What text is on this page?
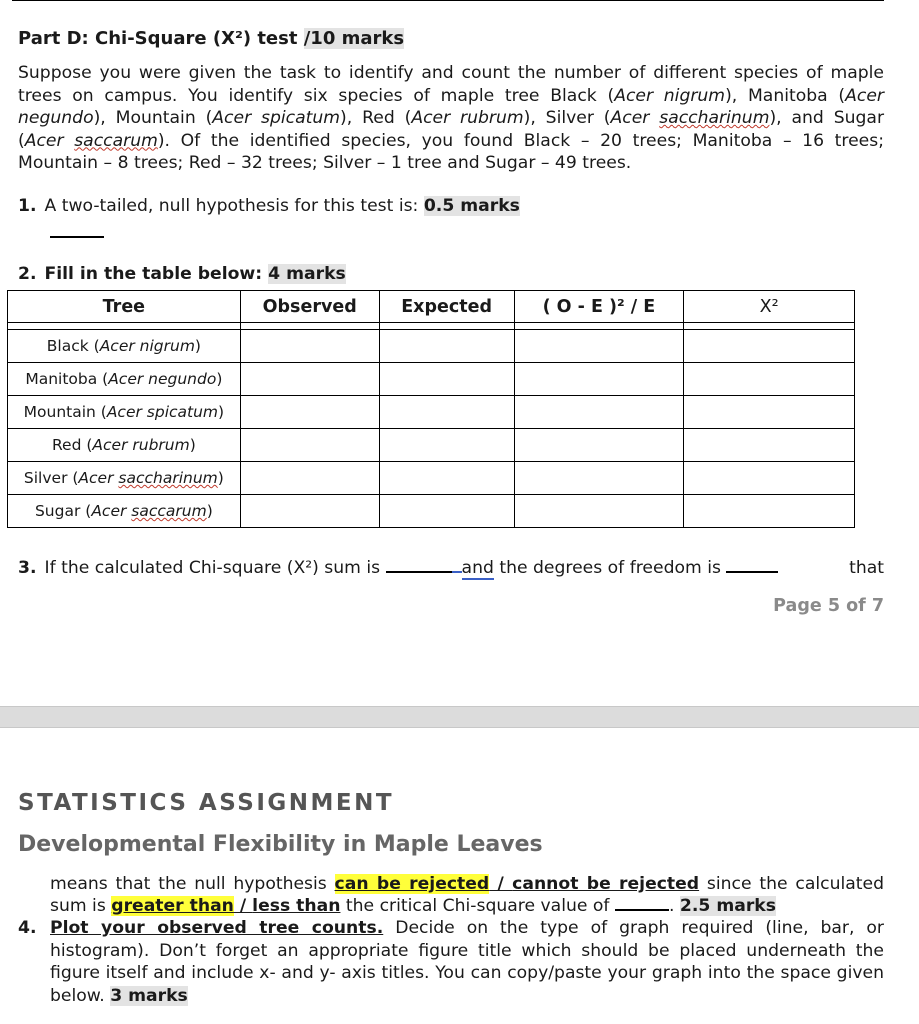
Part D: Chi-Square (X²) test /10 marks
Suppose you were given the task to identify and count the number of different species of maple trees on campus. You identify six species of maple tree Black (Acer nigrum), Manitoba (Acer negundo), Mountain (Acer spicatum), Red (Acer rubrum), Silver (Acer saccharinum), and Sugar (Acer saccarum). Of the identified species, you found Black – 20 trees; Manitoba – 16 trees; Mountain – 8 trees; Red – 32 trees; Silver – 1 tree and Sugar – 49 trees.
1. A two-tailed, null hypothesis for this test is: 0.5 marks
2. Fill in the table below: 4 marks
Tree	Observed	Expected	( O - E )² / E	X²

Black (Acer nigrum)				
Manitoba (Acer negundo)				
Mountain (Acer spicatum)				
Red (Acer rubrum)				
Silver (Acer saccharinum)				
Sugar (Acer saccarum)				
3. If the calculated Chi-square (X²) sum is	and the degrees of freedom is	that
Page 5 of 7
STATISTICS ASSIGNMENT
Developmental Flexibility in Maple Leaves
means that the null hypothesis can be rejected / cannot be rejected since the calculated sum is greater than / less than the critical Chi-square value of	. 2.5 marks
4. Plot your observed tree counts. Decide on the type of graph required (line, bar, or histogram). Don’t forget an appropriate figure title which should be placed underneath the figure itself and include x- and y- axis titles. You can copy/paste your graph into the space given below. 3 marks
